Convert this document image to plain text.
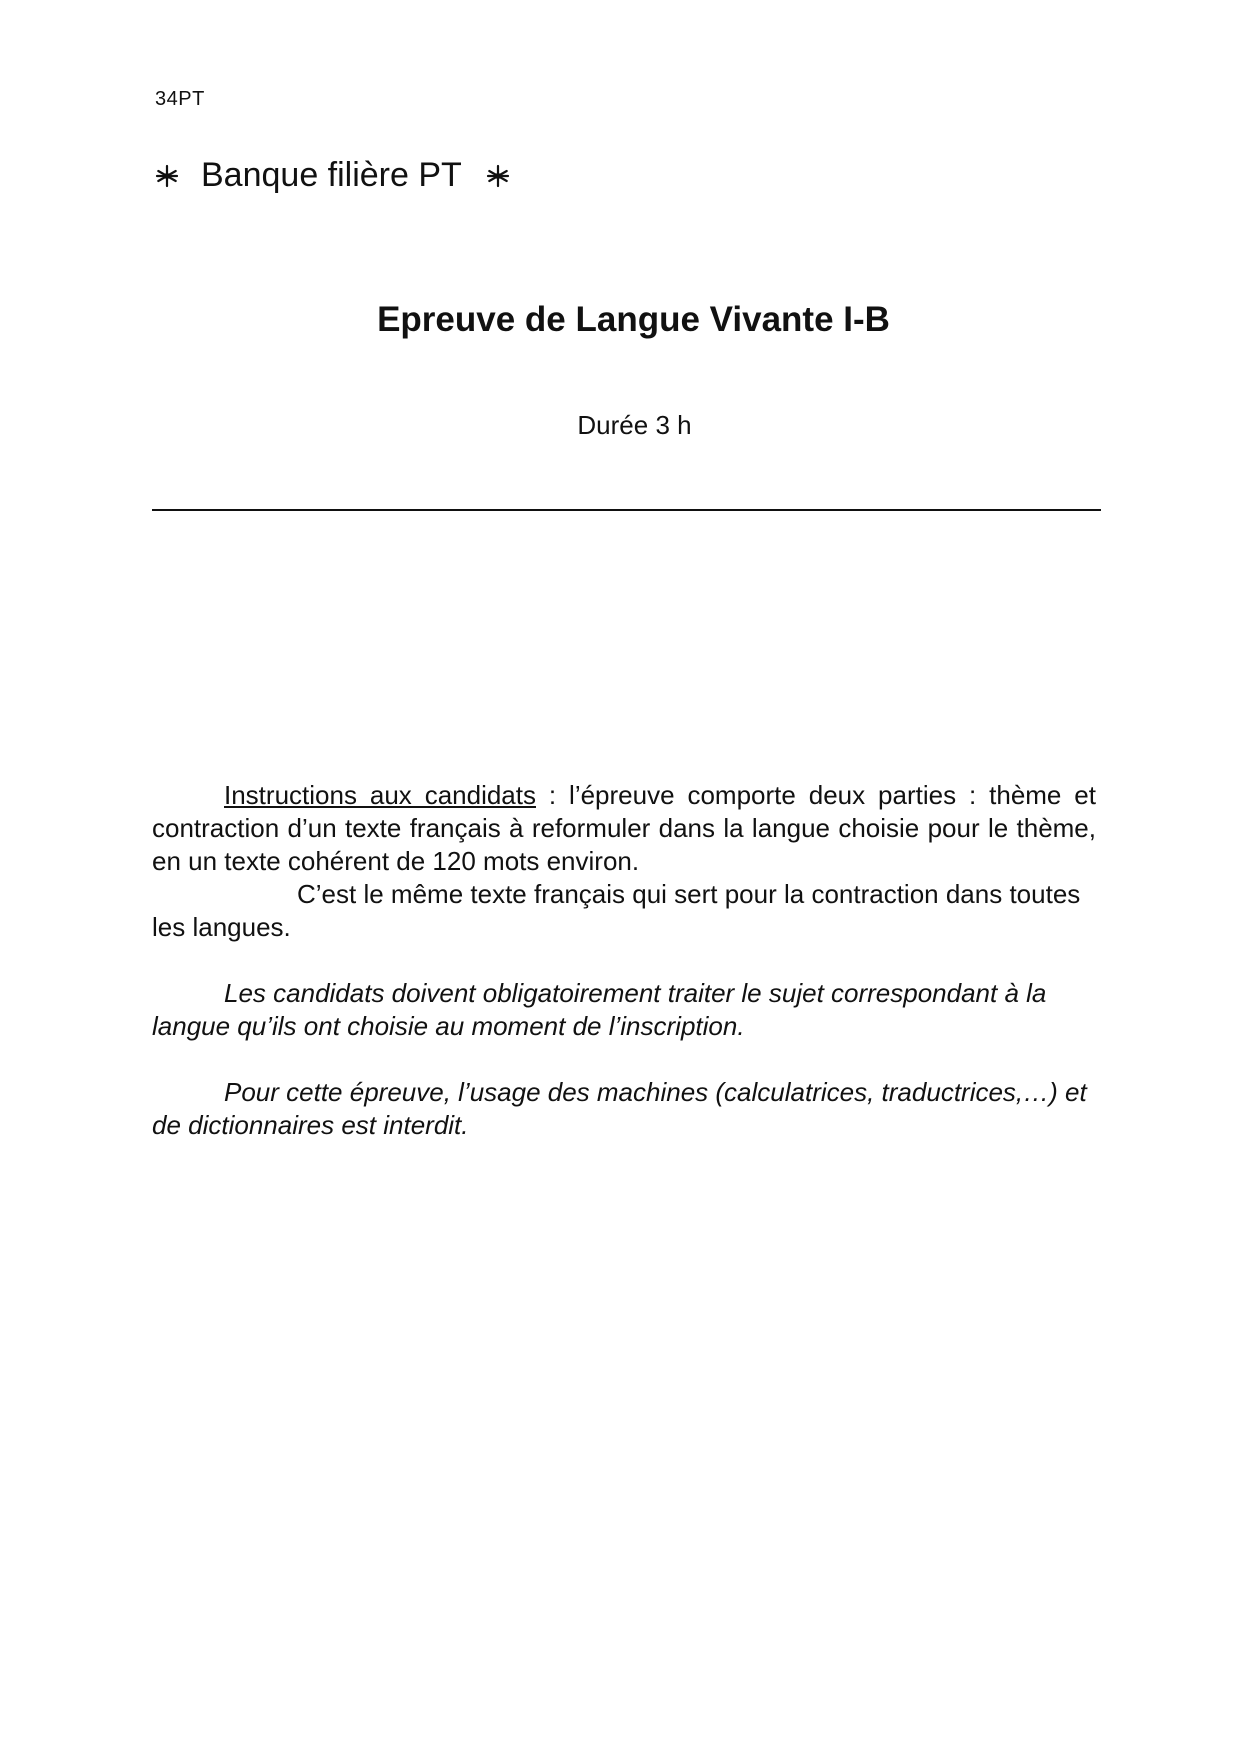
34PT
Banque filière PT
Epreuve de Langue Vivante I-B
Durée 3 h

Instructions aux candidats : l’épreuve comporte deux parties : thème et contraction d’un texte français à reformuler dans la langue choisie pour le thème, en un texte cohérent de 120 mots environ.

C’est le même texte français qui sert pour la contraction dans toutes les langues.

Les candidats doivent obligatoirement traiter le sujet correspondant à la langue qu’ils ont choisie au moment de l’inscription.

Pour cette épreuve, l’usage des machines (calculatrices, traductrices,…) et de dictionnaires est interdit.
